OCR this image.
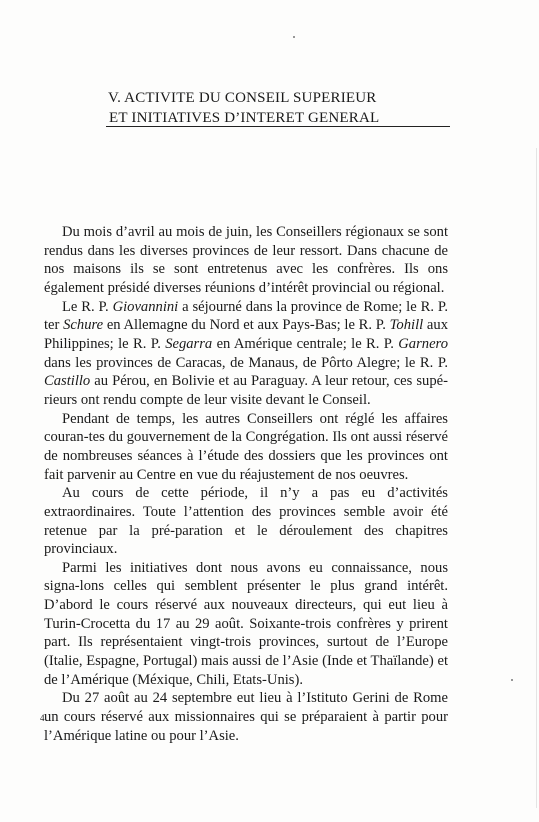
V. ACTIVITE DU CONSEIL SUPERIEUR
ET INITIATIVES D’INTERET GENERAL

Du mois d’avril au mois de juin, les Conseillers régionaux se sont rendus dans les diverses provinces de leur ressort. Dans chacune de nos maisons ils se sont entretenus avec les confrères. Ils ons également présidé diverses réunions d’intérêt provincial ou régional.

Le R. P. Giovannini a séjourné dans la province de Rome; le R. P. ter Schure en Allemagne du Nord et aux Pays-Bas; le R. P. Tohill aux Philippines; le R. P. Segarra en Amérique centrale; le R. P. Garnero dans les provinces de Caracas, de Manaus, de Pôrto Alegre; le R. P. Castillo au Pérou, en Bolivie et au Paraguay. A leur retour, ces supé-rieurs ont rendu compte de leur visite devant le Conseil.

Pendant de temps, les autres Conseillers ont réglé les affaires couran-tes du gouvernement de la Congrégation. Ils ont aussi réservé de nombreuses séances à l’étude des dossiers que les provinces ont fait parvenir au Centre en vue du réajustement de nos oeuvres.

Au cours de cette période, il n’y a pas eu d’activités extraordinaires. Toute l’attention des provinces semble avoir été retenue par la pré-paration et le déroulement des chapitres provinciaux.

Parmi les initiatives dont nous avons eu connaissance, nous signa-lons celles qui semblent présenter le plus grand intérêt. D’abord le cours réservé aux nouveaux directeurs, qui eut lieu à Turin-Crocetta du 17 au 29 août. Soixante-trois confrères y prirent part. Ils représentaient vingt-trois provinces, surtout de l’Europe (Italie, Espagne, Portugal) mais aussi de l’Asie (Inde et Thaïlande) et de l’Amérique (Méxique, Chili, Etats-Unis).

Du 27 août au 24 septembre eut lieu à l’Istituto Gerini de Rome un cours réservé aux missionnaires qui se préparaient à partir pour l’Amérique latine ou pour l’Asie.

4
